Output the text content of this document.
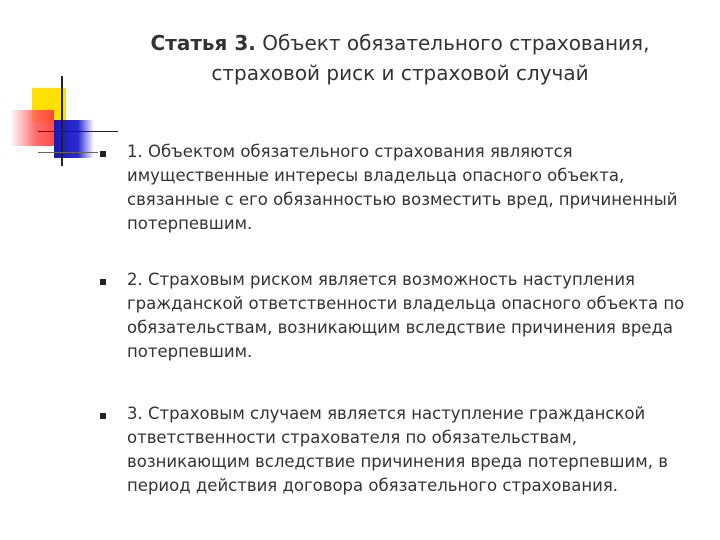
Статья 3. Объект обязательного страхования, страховой риск и страховой случай
1. Объектом обязательного страхования являются имущественные интересы владельца опасного объекта, связанные с его обязанностью возместить вред, причиненный потерпевшим.
2. Страховым риском является возможность наступления гражданской ответственности владельца опасного объекта по обязательствам, возникающим вследствие причинения вреда потерпевшим.
3. Страховым случаем является наступление гражданской ответственности страхователя по обязательствам, возникающим вследствие причинения вреда потерпевшим, в период действия договора обязательного страхования.
